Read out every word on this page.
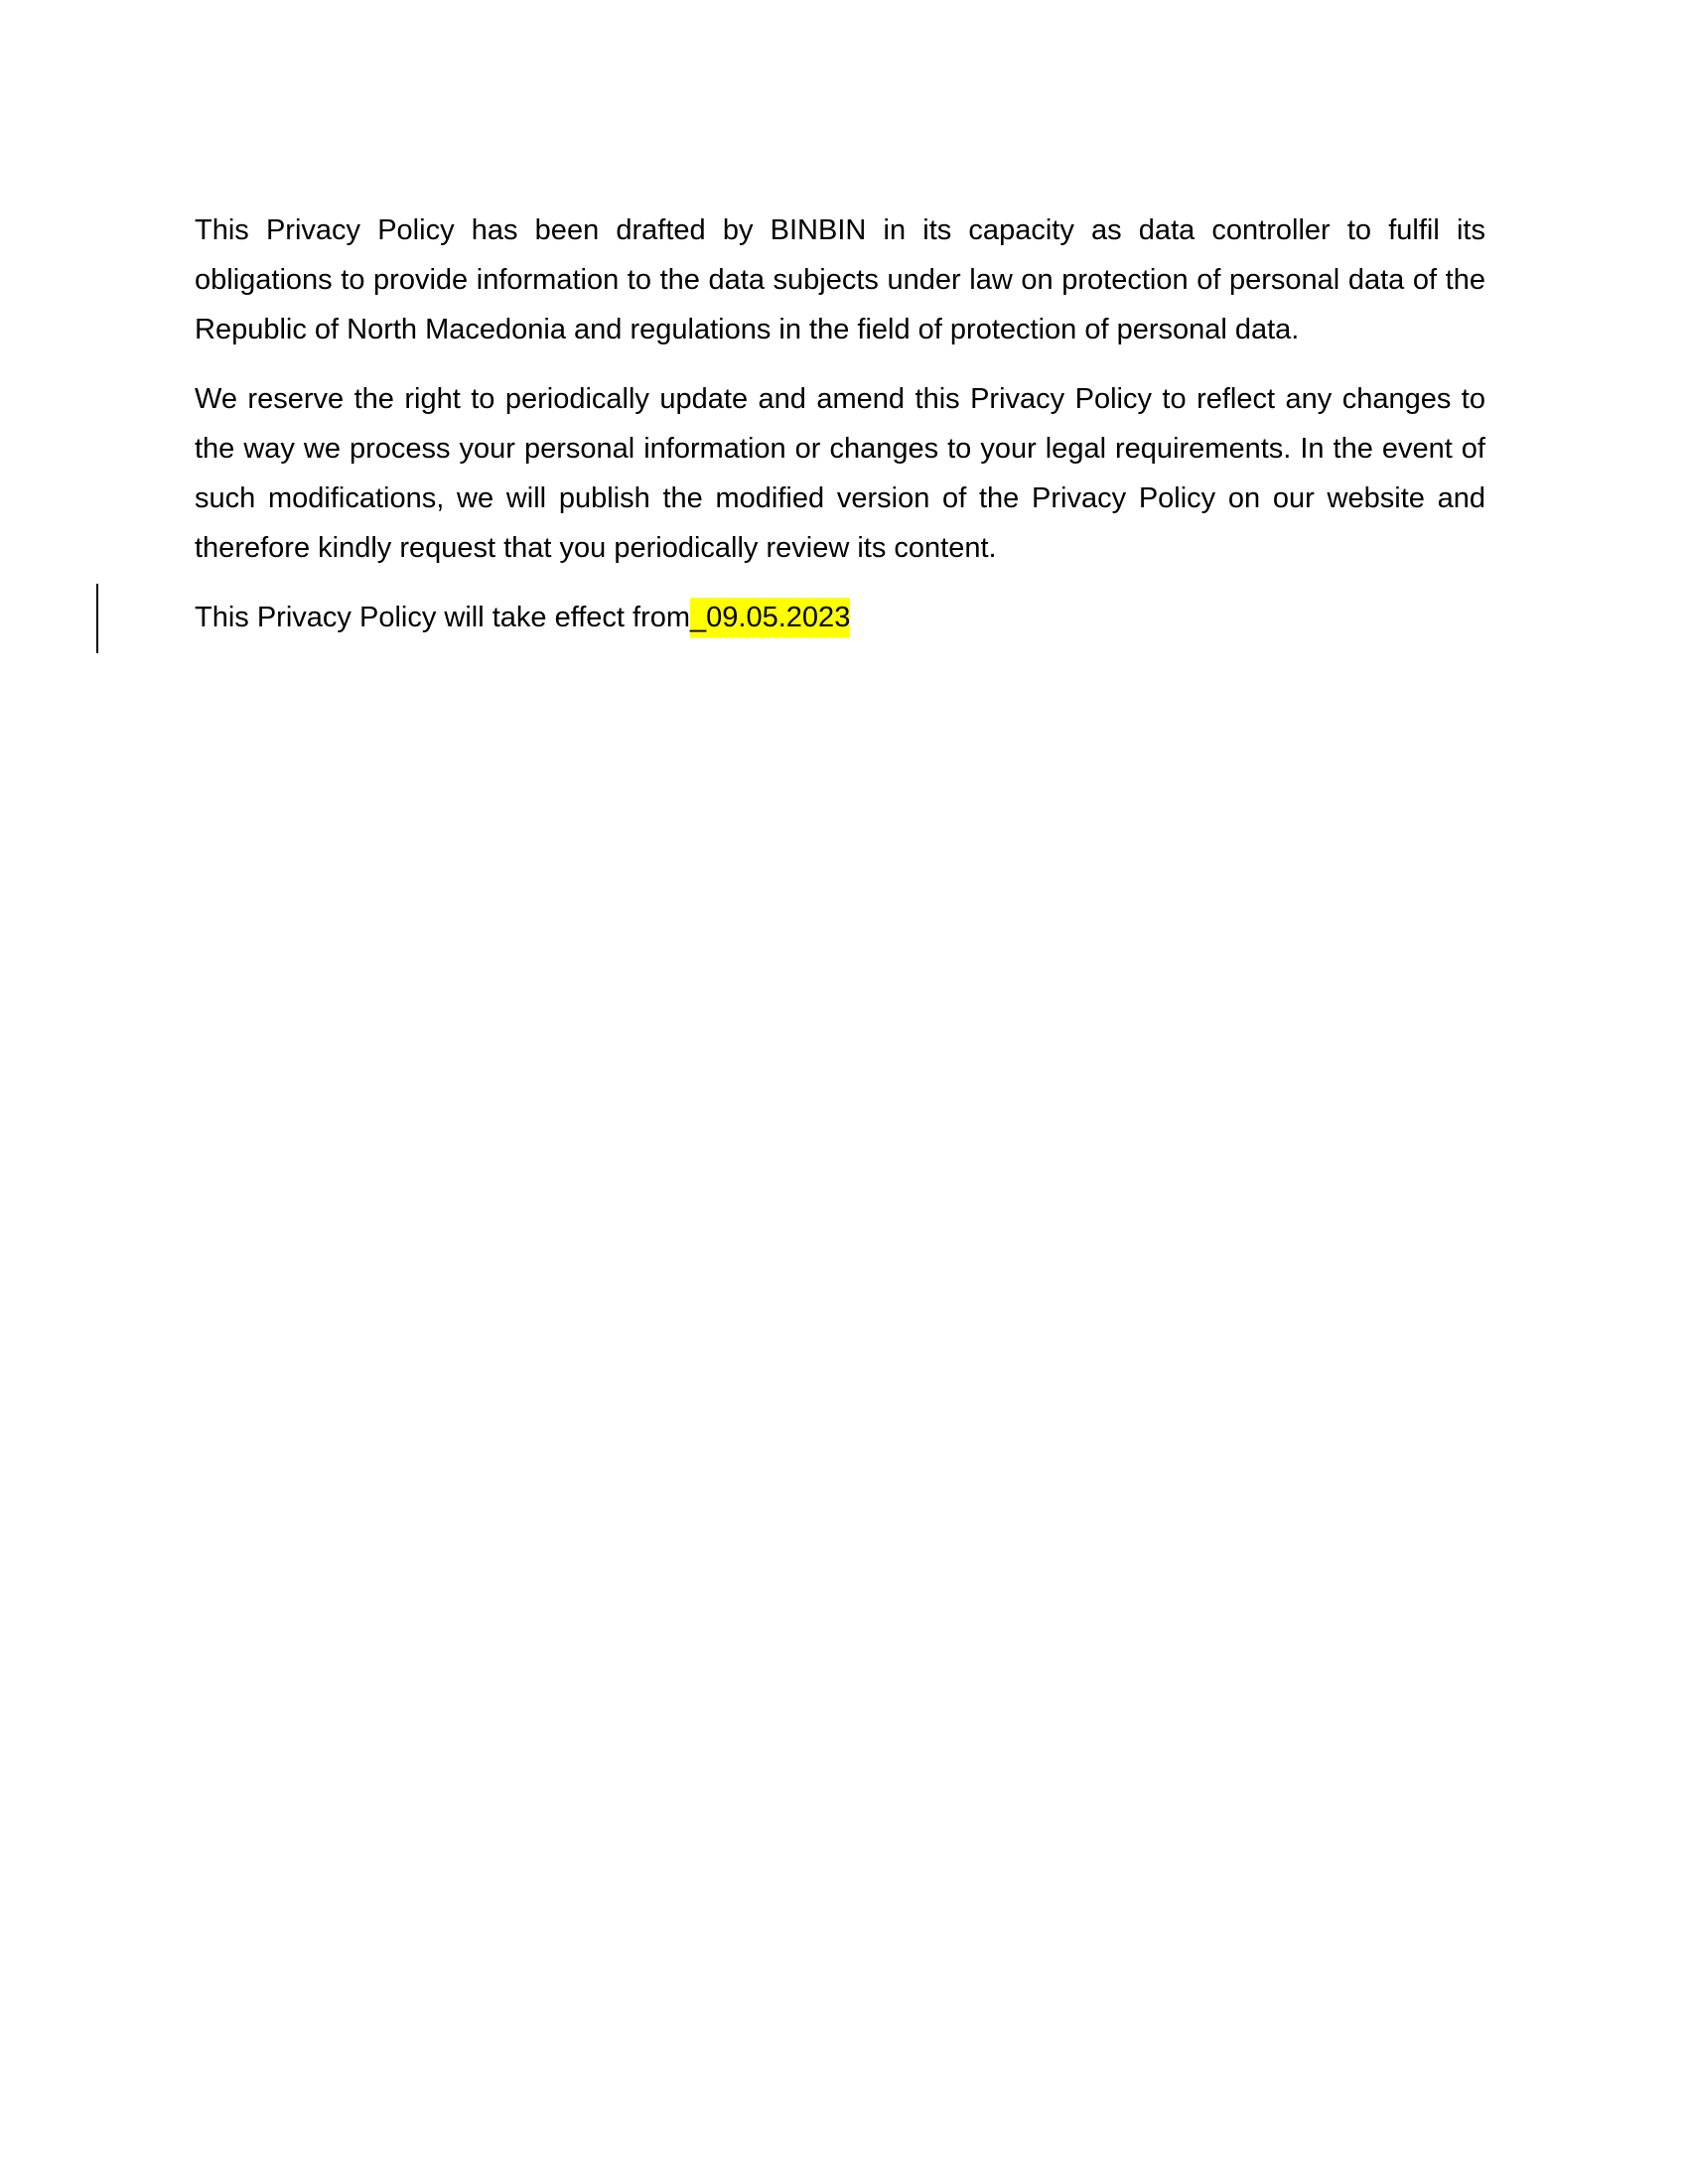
This Privacy Policy has been drafted by BINBIN in its capacity as data controller to fulfil its obligations to provide information to the data subjects under law on protection of personal data of the Republic of North Macedonia and regulations in the field of protection of personal data.

We reserve the right to periodically update and amend this Privacy Policy to reflect any changes to the way we process your personal information or changes to your legal requirements. In the event of such modifications, we will publish the modified version of the Privacy Policy on our website and therefore kindly request that you periodically review its content.

This Privacy Policy will take effect from_09.05.2023
